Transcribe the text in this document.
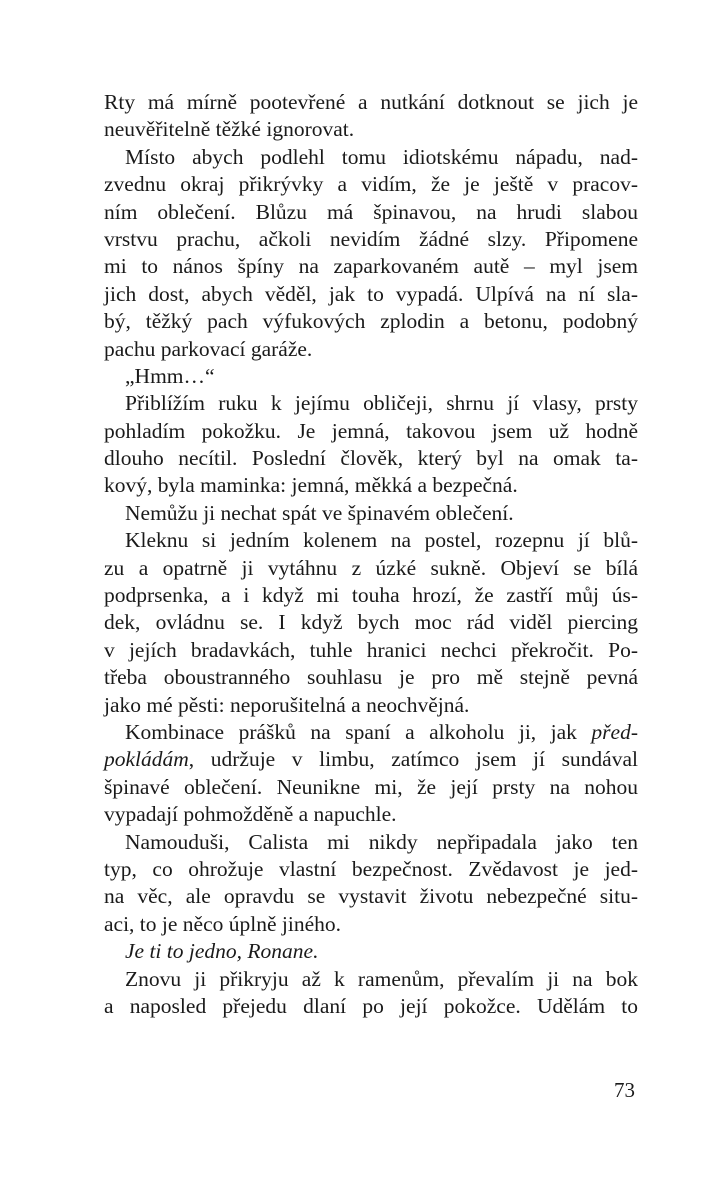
Rty má mírně pootevřené a nutkání dotknout se jich je
neuvěřitelně těžké ignorovat.
Místo abych podlehl tomu idiotskému nápadu, nad-
zvednu okraj přikrývky a vidím, že je ještě v pracov-
ním oblečení. Blůzu má špinavou, na hrudi slabou
vrstvu prachu, ačkoli nevidím žádné slzy. Připomene
mi to nános špíny na zaparkovaném autě – myl jsem
jich dost, abych věděl, jak to vypadá. Ulpívá na ní sla-
bý, těžký pach výfukových zplodin a betonu, podobný
pachu parkovací garáže.
„Hmm…“
Přiblížím ruku k jejímu obličeji, shrnu jí vlasy, prsty
pohladím pokožku. Je jemná, takovou jsem už hodně
dlouho necítil. Poslední člověk, který byl na omak ta-
kový, byla maminka: jemná, měkká a bezpečná.
Nemůžu ji nechat spát ve špinavém oblečení.
Kleknu si jedním kolenem na postel, rozepnu jí blů-
zu a opatrně ji vytáhnu z úzké sukně. Objeví se bílá
podprsenka, a i když mi touha hrozí, že zastří můj ús-
dek, ovládnu se. I když bych moc rád viděl piercing
v jejích bradavkách, tuhle hranici nechci překročit. Po-
třeba oboustranného souhlasu je pro mě stejně pevná
jako mé pěsti: neporušitelná a neochvějná.
Kombinace prášků na spaní a alkoholu ji, jak před-
pokládám, udržuje v limbu, zatímco jsem jí sundával
špinavé oblečení. Neunikne mi, že její prsty na nohou
vypadají pohmožděně a napuchle.
Namouduši, Calista mi nikdy nepřipadala jako ten
typ, co ohrožuje vlastní bezpečnost. Zvědavost je jed-
na věc, ale opravdu se vystavit životu nebezpečné situ-
aci, to je něco úplně jiného.
Je ti to jedno, Ronane.
Znovu ji přikryju až k ramenům, převalím ji na bok
a naposled přejedu dlaní po její pokožce. Udělám to
73
